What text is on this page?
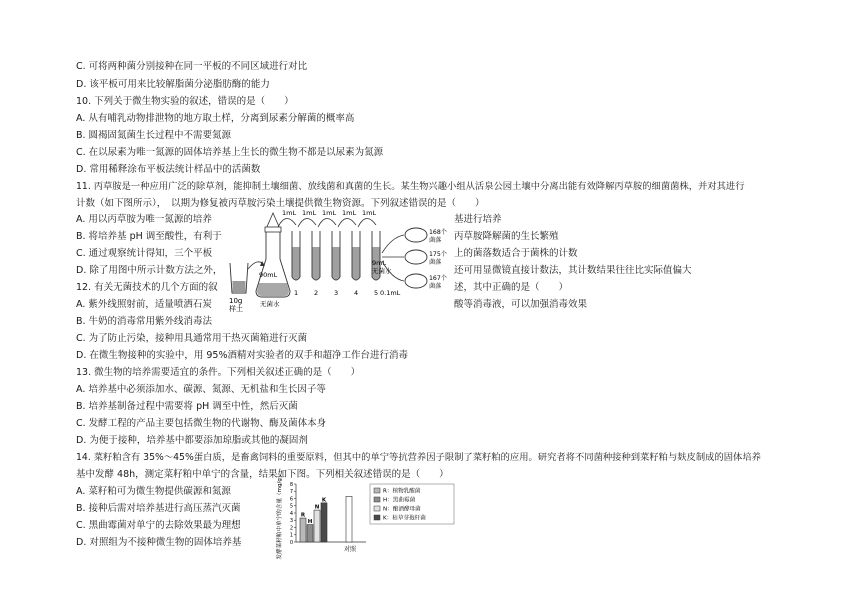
C. 可将两种菌分别接种在同一平板的不同区域进行对比
D. 该平板可用来比较解脂菌分泌脂肪酶的能力
10. 下列关于微生物实验的叙述，错误的是（　　）
A. 从有哺乳动物排泄物的地方取土样，分离到尿素分解菌的概率高
B. 圆褐固氮菌生长过程中不需要氮源
C. 在以尿素为唯一氮源的固体培养基上生长的微生物不都是以尿素为氮源
D. 常用稀释涂布平板法统计样品中的活菌数
11. 丙草胺是一种应用广泛的除草剂，能抑制土壤细菌、放线菌和真菌的生长。某生物兴趣小组从活泉公园土壤中分离出能有效降解丙草胺的细菌菌株，并对其进行
计数（如下图所示），　以期为修复被丙草胺污染土壤提供微生物资源。下列叙述错误的是（　　）
A. 用以丙草胺为唯一氮源的培养
B. 将培养基 pH 调至酸性，有利于
C. 通过观察统计得知，三个平板
D. 除了用图中所示计数方法之外，
12. 有关无菌技术的几个方面的叙
A. 紫外线照射前，适量喷洒石炭
基进行培养
丙草胺降解菌的生长繁殖
上的菌落数适合于菌株的计数
还可用显微镜直接计数法，其计数结果往往比实际值偏大
述，其中正确的是（　　）
酸等消毒液，可以加强消毒效果
10g
样土
90mL
无菌水
1mL 1mL 1mL 1mL 1mL
1 2 3 4 5
9mL
无菌水
0.1mL
168个
菌落
175个
菌落
167个
菌落
B. 牛奶的消毒常用紫外线消毒法
C. 为了防止污染，接种用具通常用干热灭菌箱进行灭菌
D. 在微生物接种的实验中，用 95%酒精对实验者的双手和超净工作台进行消毒
13. 微生物的培养需要适宜的条件。下列相关叙述正确的是（　　）
A. 培养基中必须添加水、碳源、氮源、无机盐和生长因子等
B. 培养基制备过程中需要将 pH 调至中性，然后灭菌
C. 发酵工程的产品主要包括微生物的代谢物、酶及菌体本身
D. 为便于接种，培养基中都要添加琼脂或其他的凝固剂
14. 菜籽粕含有 35%～45%蛋白质，是畜禽饲料的重要原料，但其中的单宁等抗营养因子限制了菜籽粕的应用。研究者将不同菌种接种到菜籽粕与麸皮制成的固体培养
基中发酵 48h，测定菜籽粕中单宁的含量，结果如下图。下列相关叙述错误的是（　　）
A. 菜籽粕可为微生物提供碳源和氮源
B. 接种后需对培养基进行高压蒸汽灭菌
C. 黑曲霉菌对单宁的去除效果最为理想
D. 对照组为不接种微生物的固体培养基	发酵菜籽粕中单宁的含量（mg/g） 0
1
2
3
4
5
6
7
8
R
H
N
K
对照
R：植物乳酸菌
H：黑曲霉菌
N：酿酒酵母菌
K：枯草芽孢杆菌
